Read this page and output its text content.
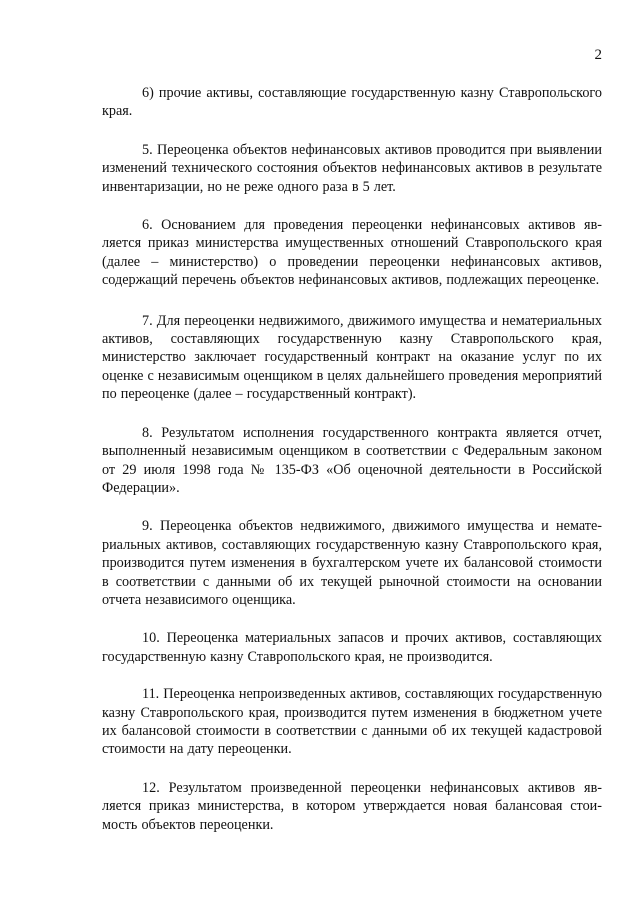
2

6) прочие активы, составляющие государственную казну Ставропольского края.

5. Переоценка объектов нефинансовых активов проводится при выявлении изменений технического состояния объектов нефинансовых активов в результате инвентаризации, но не реже одного раза в 5 лет.

6. Основанием для проведения переоценки нефинансовых активов является приказ министерства имущественных отношений Ставропольского края (далее – министерство) о проведении переоценки нефинансовых активов, содержащий перечень объектов нефинансовых активов, подлежащих переоценке.

7. Для переоценки недвижимого, движимого имущества и нематериальных активов, составляющих государственную казну Ставропольского края, министерство заключает государственный контракт на оказание услуг по их оценке с независимым оценщиком в целях дальнейшего проведения мероприятий по переоценке (далее – государственный контракт).

8. Результатом исполнения государственного контракта является отчет, выполненный независимым оценщиком в соответствии с Федеральным законом от 29 июля 1998 года № 135-ФЗ «Об оценочной деятельности в Российской Федерации».

9. Переоценка объектов недвижимого, движимого имущества и нематериальных активов, составляющих государственную казну Ставропольского края, производится путем изменения в бухгалтерском учете их балансовой стоимости в соответствии с данными об их текущей рыночной стоимости на основании отчета независимого оценщика.

10. Переоценка материальных запасов и прочих активов, составляющих государственную казну Ставропольского края, не производится.

11. Переоценка непроизведенных активов, составляющих государственную казну Ставропольского края, производится путем изменения в бюджетном учете их балансовой стоимости в соответствии с данными об их текущей кадастровой стоимости на дату переоценки.

12. Результатом произведенной переоценки нефинансовых активов является приказ министерства, в котором утверждается новая балансовая стоимость объектов переоценки.
